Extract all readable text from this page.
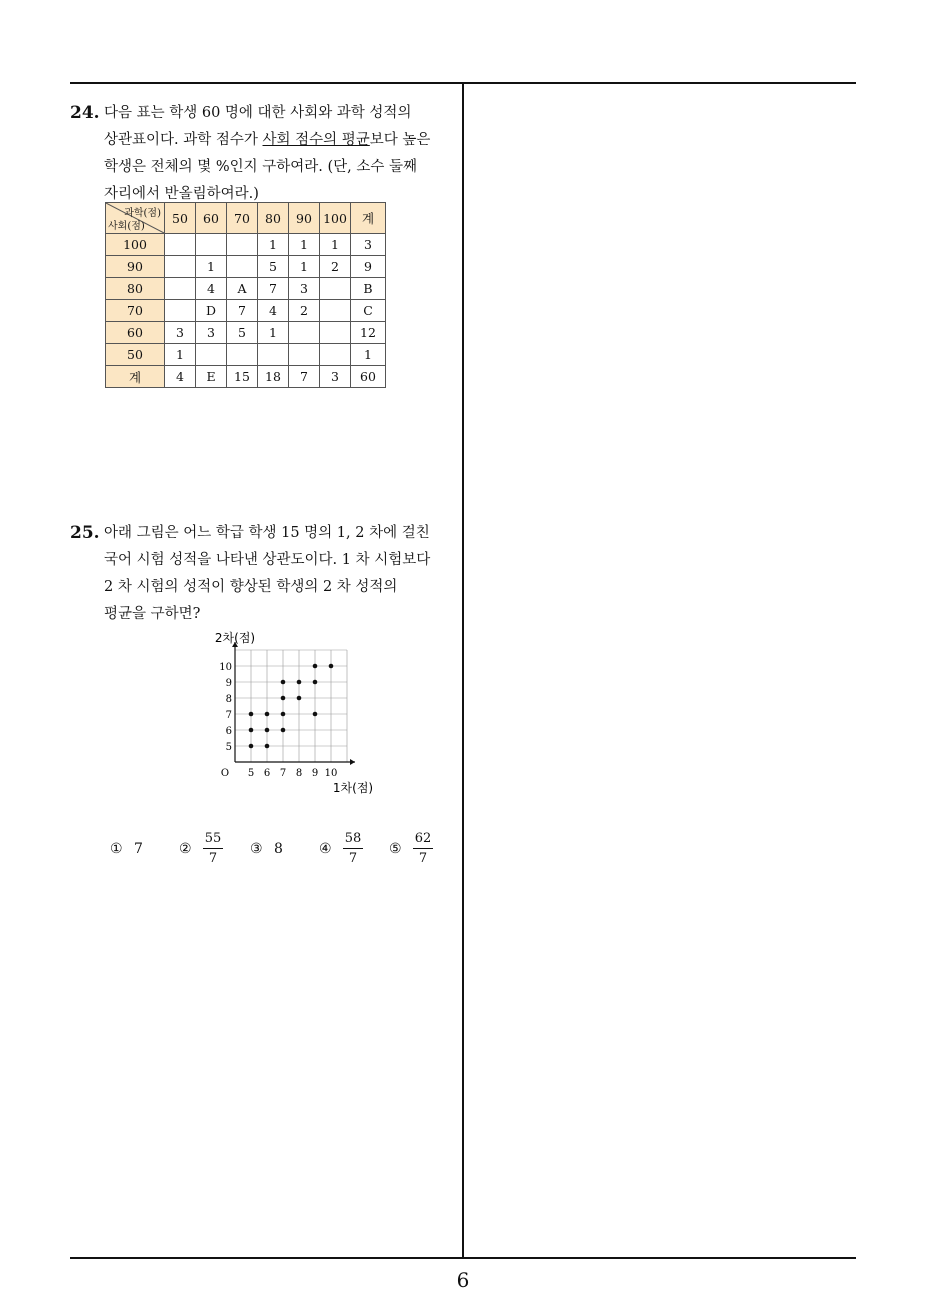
24. 다음 표는 학생 60 명에 대한 사회와 과학 성적의
상관표이다. 과학 점수가 사회 점수의 평균보다 높은
학생은 전체의 몇 %인지 구하여라. (단, 소수 둘째
자리에서 반올림하여라.)
과학(점)
사회(점)	50	60	70	80	90	100	계
100				1	1	1	3
90		1		5	1	2	9
80		4	A	7	3		B
70		D	7	4	2		C
60	3	3	5	1			12
50	1						1
계	4	E	15	18	7	3	60
25. 아래 그림은 어느 학급 학생 15 명의 1, 2 차에 걸친
국어 시험 성적을 나타낸 상관도이다. 1 차 시험보다
2 차 시험의 성적이 향상된 학생의 2 차 성적의
평균을 구하면?
5 6 7 8 9 10
5
6
7
8
9
10
O
2차(점)
1차(점)
① 7	②
55
7
③ 8	④
58
7
⑤
62
7
6
